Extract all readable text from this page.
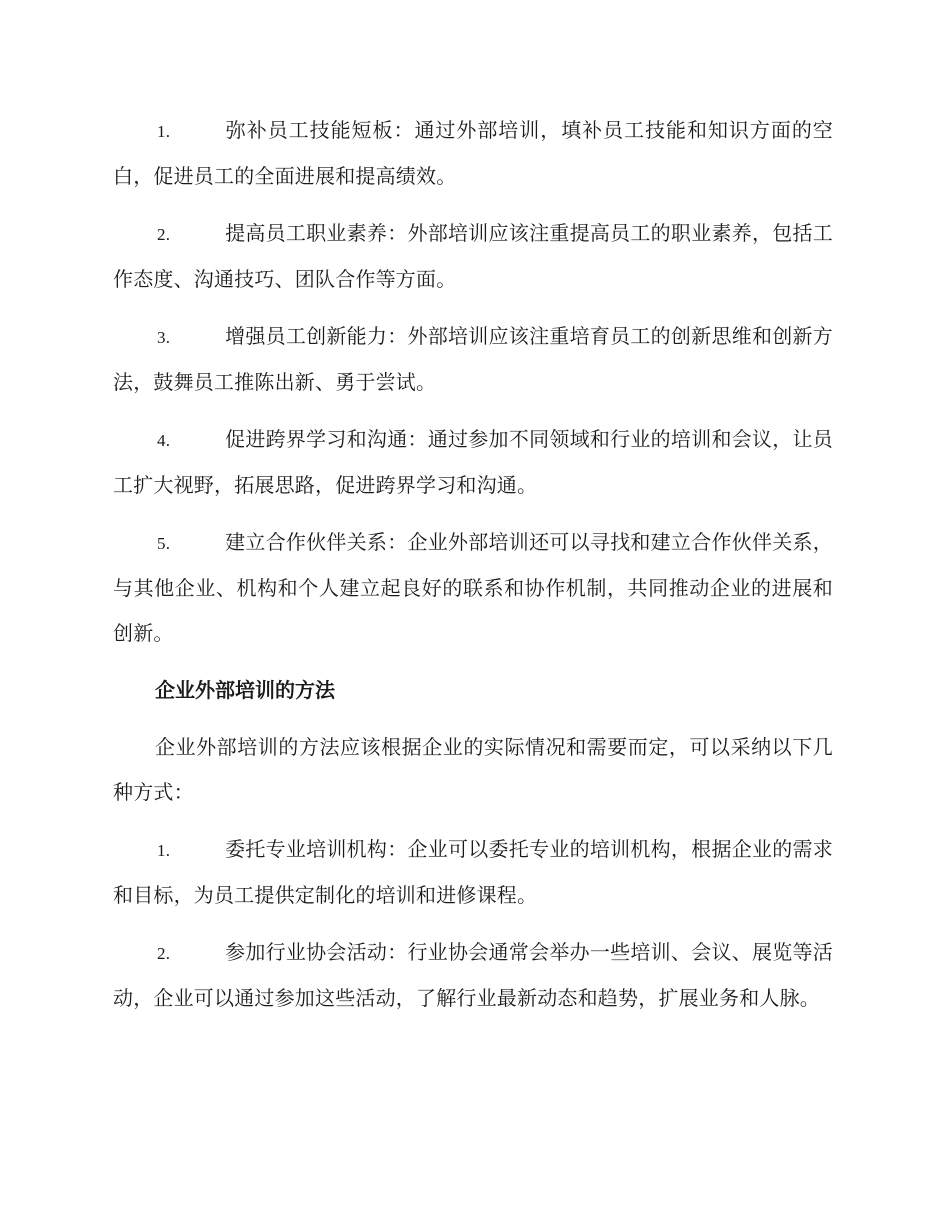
1.	弥补员工技能短板：通过外部培训，填补员工技能和知识方面的空白，促进员工的全面进展和提高绩效。

2.	提高员工职业素养：外部培训应该注重提高员工的职业素养，包括工作态度、沟通技巧、团队合作等方面。

3.	增强员工创新能力：外部培训应该注重培育员工的创新思维和创新方法，鼓舞员工推陈出新、勇于尝试。

4.	促进跨界学习和沟通：通过参加不同领域和行业的培训和会议，让员工扩大视野，拓展思路，促进跨界学习和沟通。

5.	建立合作伙伴关系：企业外部培训还可以寻找和建立合作伙伴关系，与其他企业、机构和个人建立起良好的联系和协作机制，共同推动企业的进展和创新。

企业外部培训的方法

企业外部培训的方法应该根据企业的实际情况和需要而定，可以采纳以下几种方式：

1.	委托专业培训机构：企业可以委托专业的培训机构，根据企业的需求和目标，为员工提供定制化的培训和进修课程。

2.	参加行业协会活动：行业协会通常会举办一些培训、会议、展览等活动，企业可以通过参加这些活动，了解行业最新动态和趋势，扩展业务和人脉。
